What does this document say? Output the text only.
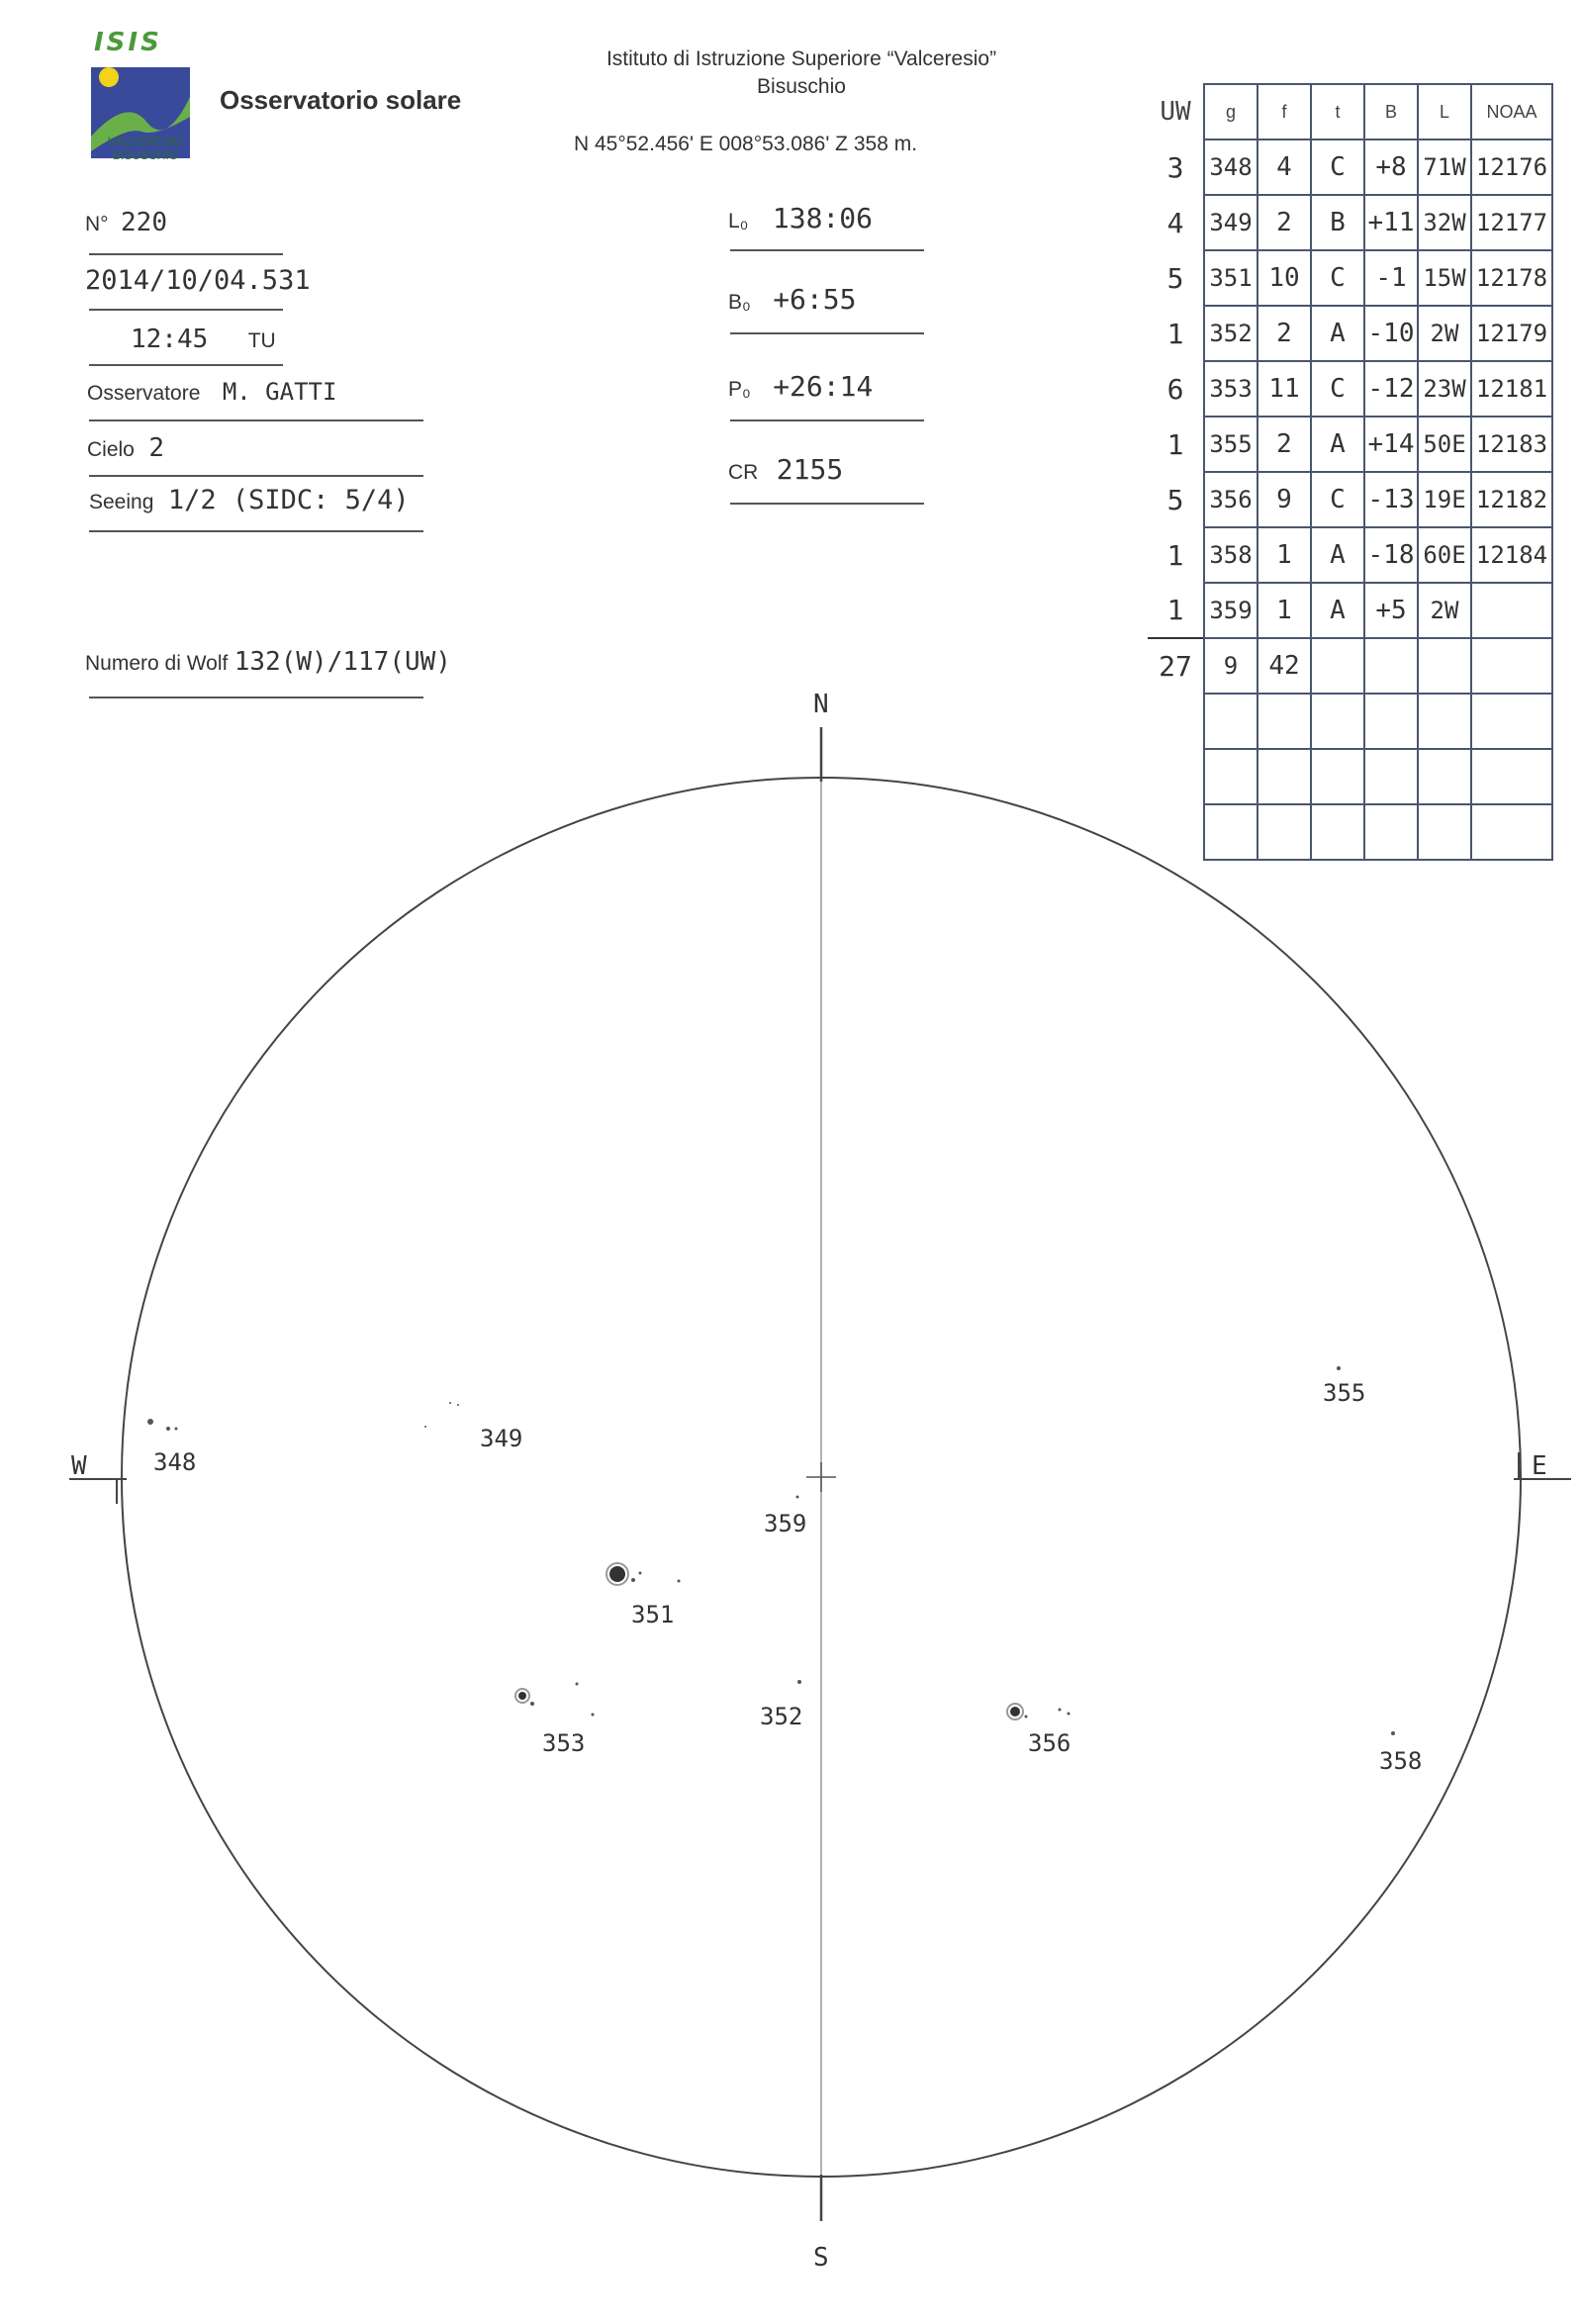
ISIS
VALCERESIO
BISUSCHIO
Osservatorio solare
Istituto di Istruzione Superiore “Valceresio”
Bisuschio
N 45°52.456' E 008°53.086' Z 358 m.
N° 220
2014/10/04.531
12:45 TU
Osservatore M. GATTI
Cielo 2
Seeing 1/2 (SIDC: 5/4)
Numero di Wolf 132(W)/117(UW)
L₀ 138:06
B₀ +6:55
P₀ +26:14
CR 2155
UW	g	f	t	B	L	NOAA
3	348	4	C	+8	71W	12176
4	349	2	B	+11	32W	12177
5	351	10	C	-1	15W	12178
1	352	2	A	-10	2W	12179
6	353	11	C	-12	23W	12181
1	355	2	A	+14	50E	12183
5	356	9	C	-13	19E	12182
1	358	1	A	-18	60E	12184
1	359	1	A	+5	2W	
27	9	42				

N
S
W	E
348
349
359
351
352
353	356
355
358
